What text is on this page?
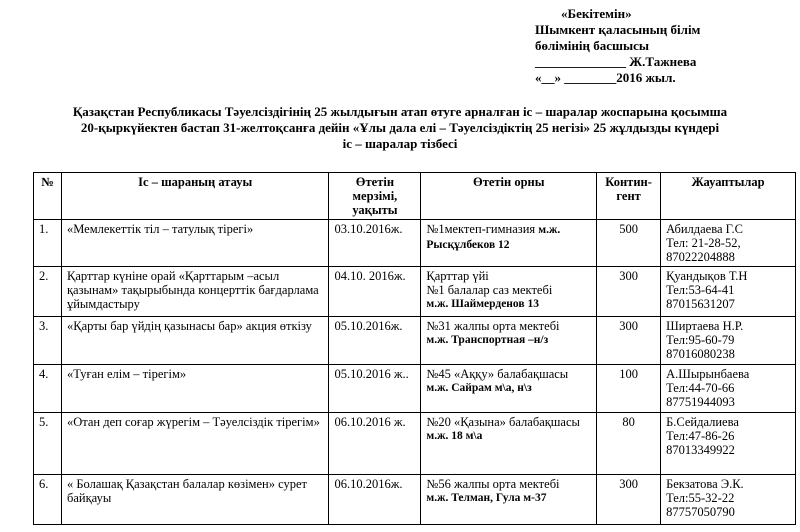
«Бекітемін»
Шымкент қаласының білім
бөлімінің басшысы
______________ Ж.Тажнева
«__» ________2016 жыл.
Қазақстан Республикасы Тәуелсіздігінің 25 жылдығын атап өтуге арналған іс – шаралар жоспарына қосымша
20-қыркүйектен бастап 31-желтоқсанға дейін «Ұлы дала елі – Тәуелсіздіктің 25 негізі» 25 жұлдызды күндері
іс – шаралар тізбесі
№	Іс – шараның атауы	Өтетін
мерзімі,
уақыты	Өтетін орны	Контин-
гент	Жауаптылар
1.	«Мемлекеттік тіл – татулық тірегі»	03.10.2016ж.	№1мектеп-гимназия м.ж. Рысқұлбеков 12	500	Абилдаева Г.С
Тел: 21-28-52,
87022204888

2.	Қарттар күніне орай «Қарттарым –асыл қазынам» тақырыбында концерттік бағдарлама ұйымдастыру	04.10. 2016ж.	Қарттар үйі
№1 балалар саз мектебі
м.ж. Шаймерденов 13	300	Қуандықов Т.Н
Тел:53-64-41
87015631207

3.	«Қарты бар үйдің қазынасы бар» акция өткізу	05.10.2016ж.	№31 жалпы орта мектебі
м.ж. Транспортная –н/з	300	Ширтаева Н.Р.
Тел:95-60-79
87016080238

4.	«Туған елім – тірегім»	05.10.2016 ж..	№45 «Аққу» балабақшасы
м.ж. Сайрам м\а, н\з	100	А.Шырынбаева
Тел:44-70-66
87751944093

5.	«Отан деп соғар жүрегім – Тәуелсіздік тірегім»	06.10.2016 ж.	№20 «Қазына» балабақшасы
м.ж. 18 м\а	80	Б.Сейдалиева
Тел:47-86-26
87013349922

6.	« Болашақ Қазақстан балалар көзімен» сурет байқауы	06.10.2016ж.	№56 жалпы орта мектебі
м.ж. Телман, Гула м-37	300	Бекзатова Э.К.
Тел:55-32-22
87757050790
